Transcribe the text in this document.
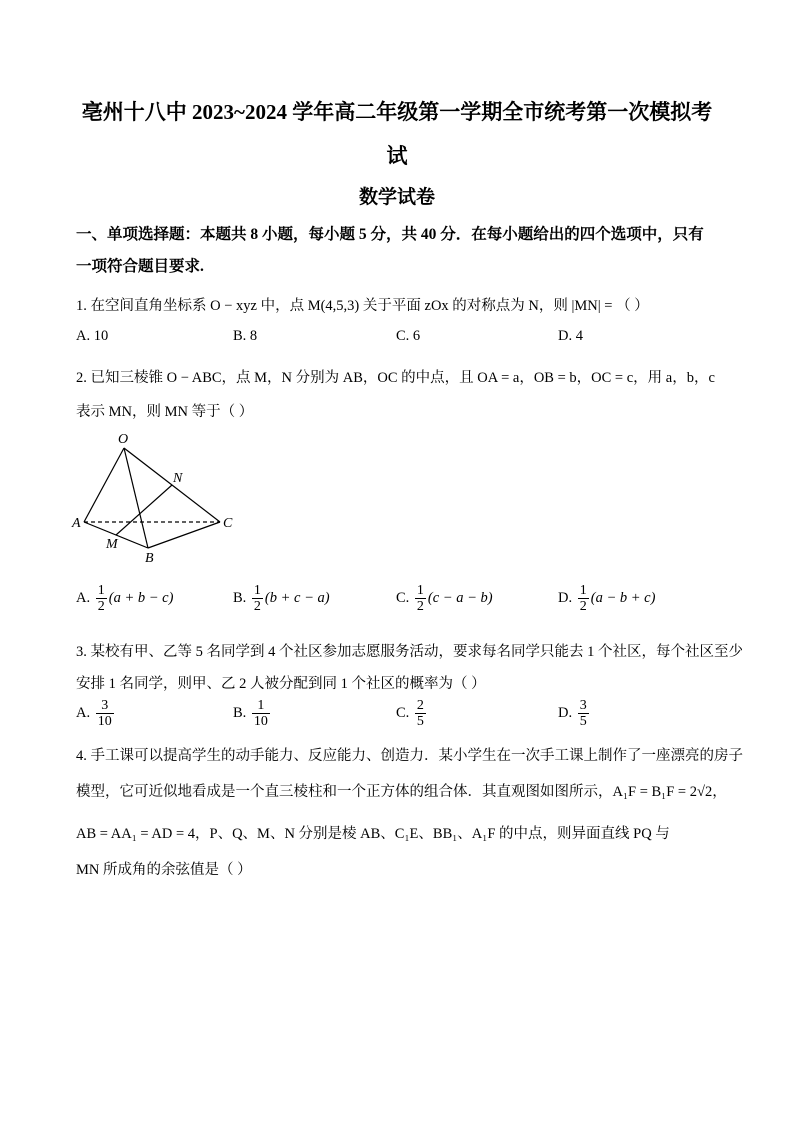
亳州十八中 2023~2024 学年高二年级第一学期全市统考第一次模拟考
试
数学试卷
一、单项选择题：本题共 8 小题，每小题 5 分，共 40 分．在每小题给出的四个选项中，只有
一项符合题目要求.
1. 在空间直角坐标系 O − xyz 中，点 M(4,5,3) 关于平面 zOx 的对称点为 N，则 |MN| = （ ）
A. 10	B. 8	C. 6	D. 4
2. 已知三棱锥 O − ABC，点 M，N 分别为 AB，OC 的中点，且 OA = a，OB = b，OC = c，用 a，b，c
表示 MN，则 MN 等于（ ）
O
N
A	C
M
B
A. $\frac{1}{2} (a + b - c)$	B. $\frac{1}{2} (b + c - a)$	C. $\frac{1}{2} (c - a - b)$	D. $\frac{1}{2} (a - b + c)$
3. 某校有甲、乙等 5 名同学到 4 个社区参加志愿服务活动，要求每名同学只能去 1 个社区，每个社区至少
安排 1 名同学，则甲、乙 2 人被分配到同 1 个社区的概率为（ ）
A. $\frac{3}{10}$	B. $\frac{1}{10}$	C. $\frac{2}{5}$	D. $\frac{3}{5}$
4. 手工课可以提高学生的动手能力、反应能力、创造力．某小学生在一次手工课上制作了一座漂亮的房子
模型，它可近似地看成是一个直三棱柱和一个正方体的组合体．其直观图如图所示，A₁F = B₁F = 2√2，
AB = AA₁ = AD = 4，P、Q、M、N 分别是棱 AB、C₁E、BB₁、A₁F 的中点，则异面直线 PQ 与
MN 所成角的余弦值是（ ）
